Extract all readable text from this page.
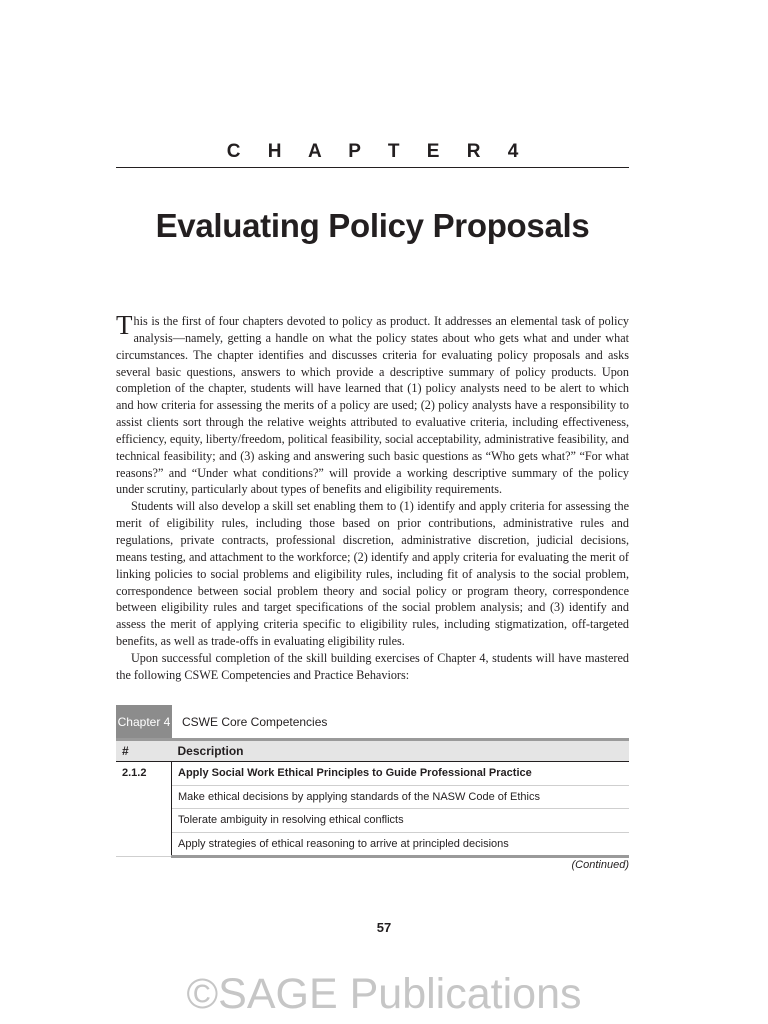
C H A P T E R 4
Evaluating Policy Proposals

This is the first of four chapters devoted to policy as product. It addresses an elemental task of policy analysis—namely, getting a handle on what the policy states about who gets what and under what circumstances. The chapter identifies and discusses criteria for evaluating policy proposals and asks several basic questions, answers to which provide a descriptive summary of policy products. Upon completion of the chapter, students will have learned that (1) policy analysts need to be alert to which and how criteria for assessing the merits of a policy are used; (2) policy analysts have a responsibility to assist clients sort through the relative weights attributed to evaluative criteria, including effectiveness, efficiency, equity, liberty/freedom, political feasibility, social acceptability, administrative feasibility, and technical feasibility; and (3) asking and answering such basic questions as “Who gets what?” “For what reasons?” and “Under what conditions?” will provide a working descriptive summary of the policy under scrutiny, particularly about types of benefits and eligibility requirements.

Students will also develop a skill set enabling them to (1) identify and apply criteria for assessing the merit of eligibility rules, including those based on prior contributions, administrative rules and regulations, private contracts, professional discretion, administrative discretion, judicial decisions, means testing, and attachment to the workforce; (2) identify and apply criteria for evaluating the merit of linking policies to social problems and eligibility rules, including fit of analysis to the social problem, correspondence between social problem theory and social policy or program theory, correspondence between eligibility rules and target specifications of the social problem analysis; and (3) identify and assess the merit of applying criteria specific to eligibility rules, including stigmatization, off-targeted benefits, as well as trade-offs in evaluating eligibility rules.

Upon successful completion of the skill building exercises of Chapter 4, students will have mastered the following CSWE Competencies and Practice Behaviors:

Chapter 4 CSWE Core Competencies
#	Description
2.1.2	Apply Social Work Ethical Principles to Guide Professional Practice
	Make ethical decisions by applying standards of the NASW Code of Ethics
	Tolerate ambiguity in resolving ethical conflicts
	Apply strategies of ethical reasoning to arrive at principled decisions
(Continued)
57
©SAGE Publications
